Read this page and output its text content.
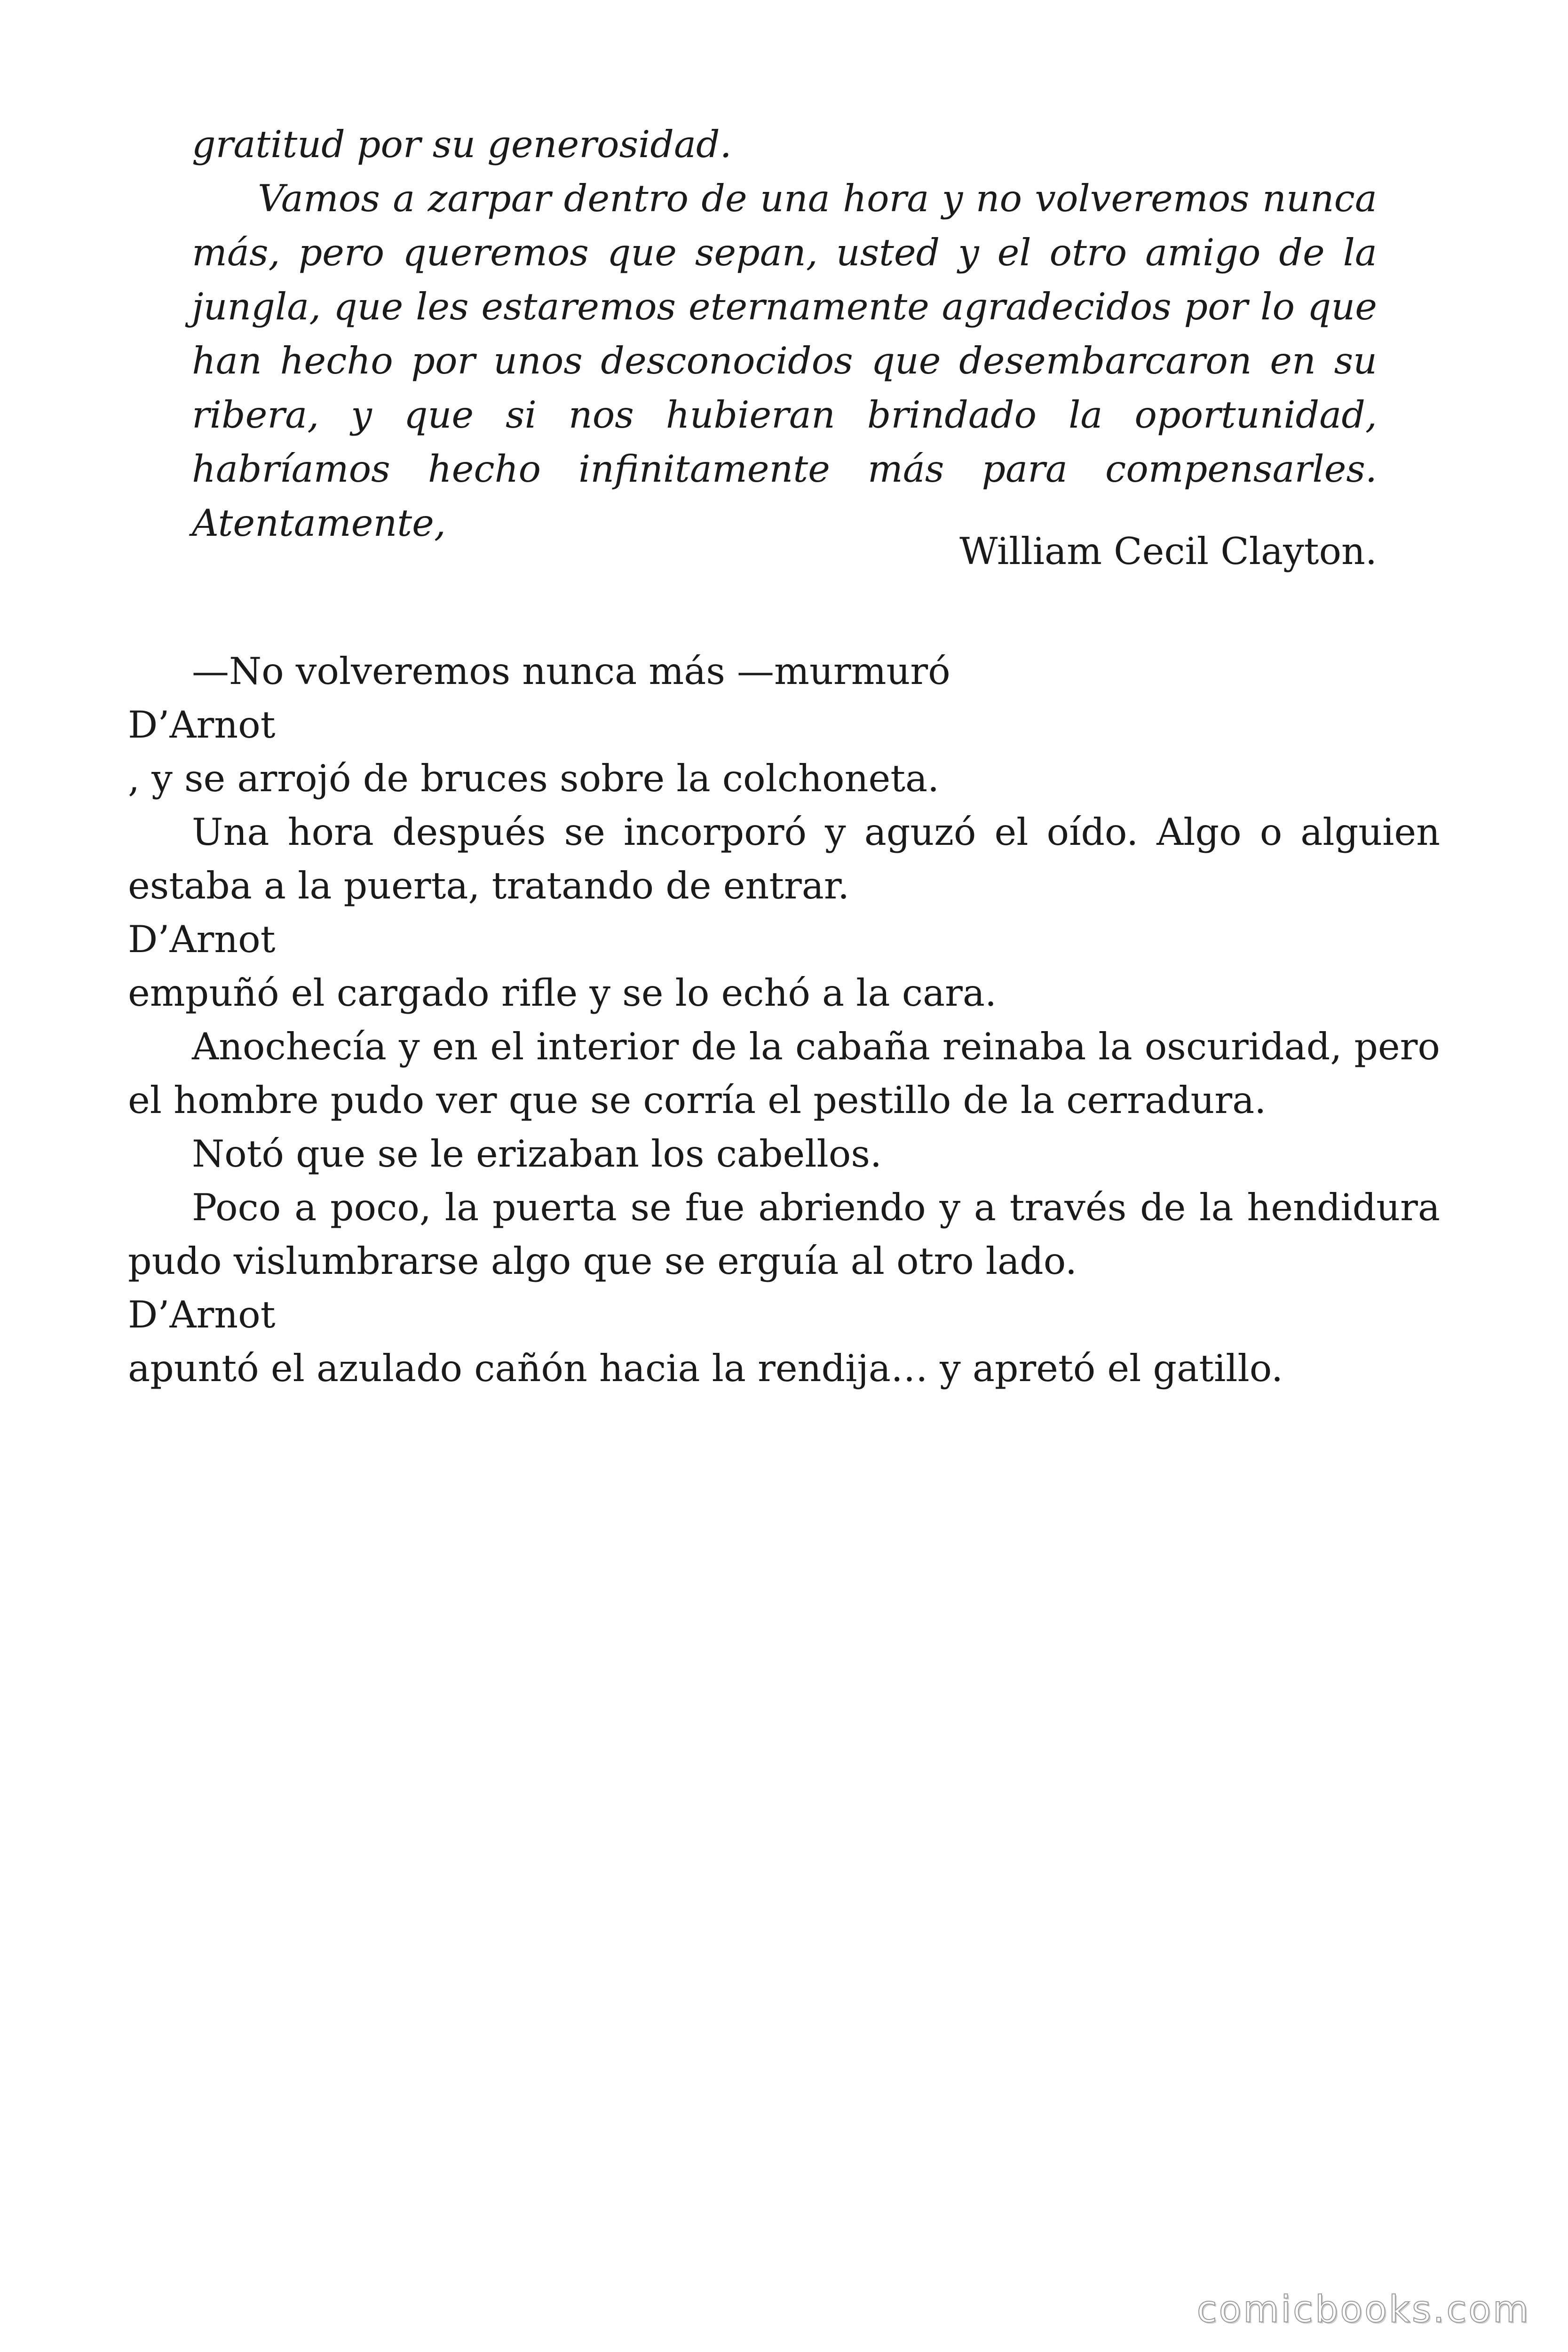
gratitud por su generosidad.

Vamos a zarpar dentro de una hora y no volveremos nunca más, pero queremos que sepan, usted y el otro amigo de la jungla, que les estaremos eternamente agradecidos por lo que han hecho por unos desconocidos que desembarcaron en su ribera, y que si nos hubieran brindado la oportunidad, habríamos hecho infinitamente más para compensarles. Atentamente,

William Cecil Clayton.

—No volveremos nunca más —murmuró

D’Arnot

, y se arrojó de bruces sobre la colchoneta.

Una hora después se incorporó y aguzó el oído. Algo o alguien estaba a la puerta, tratando de entrar.

D’Arnot

empuñó el cargado rifle y se lo echó a la cara.

Anochecía y en el interior de la cabaña reinaba la oscuridad, pero el hombre pudo ver que se corría el pestillo de la cerradura.

Notó que se le erizaban los cabellos.

Poco a poco, la puerta se fue abriendo y a través de la hendidura pudo vislumbrarse algo que se erguía al otro lado.

D’Arnot

apuntó el azulado cañón hacia la rendija… y apretó el gatillo.

comicbooks.com
